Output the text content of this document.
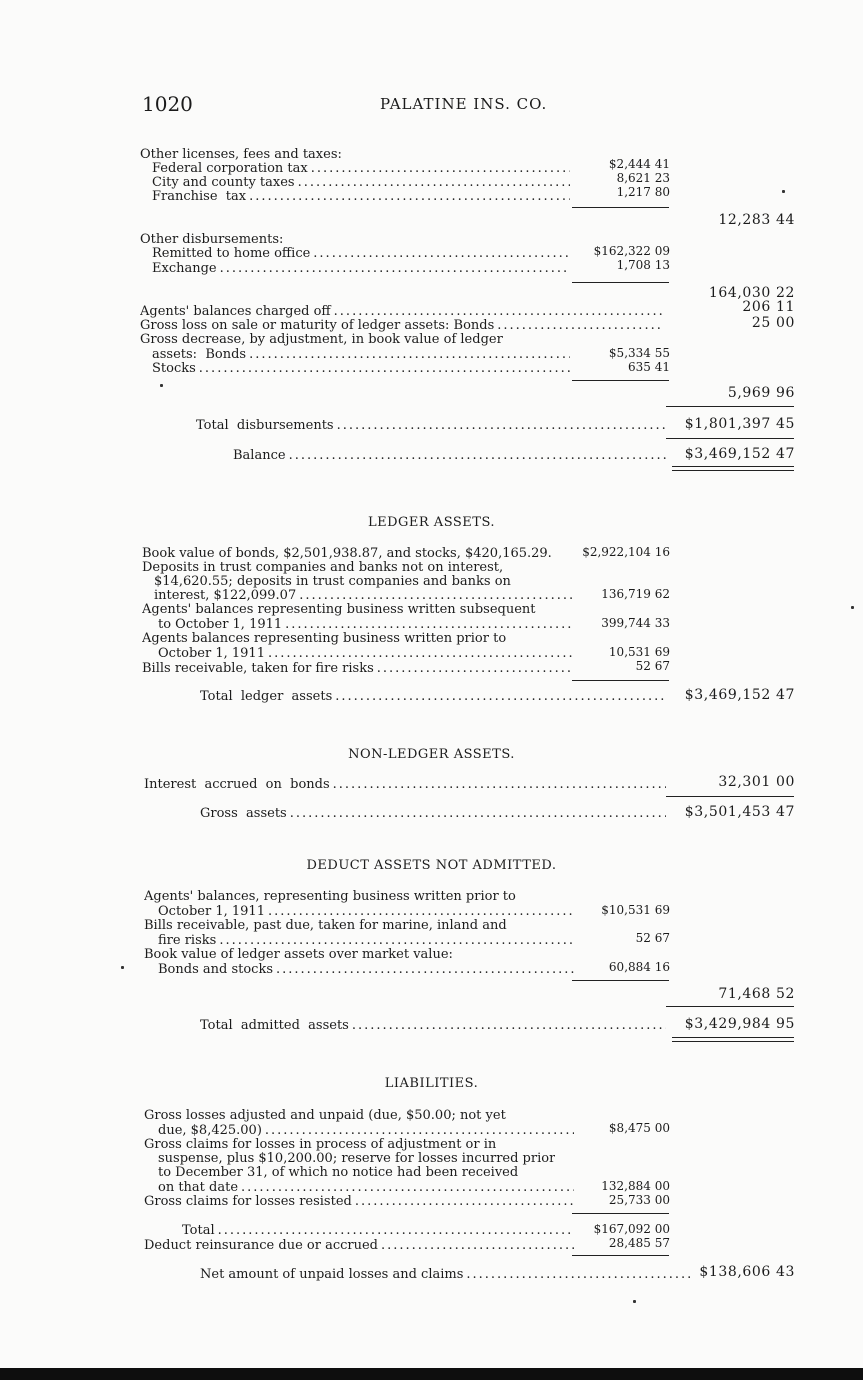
1020	PALATINE INS. CO.
Other licenses, fees and taxes:
Federal corporation tax .....	$2,444 41
City and county taxes .....	8,621 23
Franchise  tax .....	1,217 80
12,283 44
Other disbursements:
Remitted to home office .....	$162,322 09
Exchange .....	1,708 13
164,030 22
Agents' balances charged off .....	206 11
Gross loss on sale or maturity of ledger assets: Bonds .....	25 00
Gross decrease, by adjustment, in book value of ledger
assets:  Bonds .....	$5,334 55
Stocks .....	635 41
5,969 96
Total  disbursements .....	$1,801,397 45
Balance .....	$3,469,152 47
LEDGER ASSETS.
Book value of bonds, $2,501,938.87, and stocks, $420,165.29.	$2,922,104 16
Deposits in trust companies and banks not on interest,
$14,620.55; deposits in trust companies and banks on
interest, $122,099.07 .....	136,719 62
Agents' balances representing business written subsequent
to October 1, 1911 .....	399,744 33
Agents balances representing business written prior to
October 1, 1911 .....	10,531 69
Bills receivable, taken for fire risks .....	52 67
Total  ledger  assets .....	$3,469,152 47
NON-LEDGER ASSETS.
Interest  accrued  on  bonds .....	32,301 00
Gross  assets .....	$3,501,453 47
DEDUCT ASSETS NOT ADMITTED.
Agents' balances, representing business written prior to
October 1, 1911 .....	$10,531 69
Bills receivable, past due, taken for marine, inland and
fire risks .....	52 67
Book value of ledger assets over market value:
Bonds and stocks .....	60,884 16
71,468 52
Total  admitted  assets .....	$3,429,984 95
LIABILITIES.
Gross losses adjusted and unpaid (due, $50.00; not yet
due, $8,425.00) .....	$8,475 00
Gross claims for losses in process of adjustment or in
suspense, plus $10,200.00; reserve for losses incurred prior
to December 31, of which no notice had been received
on that date .....	132,884 00
Gross claims for losses resisted .....	25,733 00
Total .....	$167,092 00
Deduct reinsurance due or accrued .....	28,485 57
Net amount of unpaid losses and claims .....	$138,606 43
